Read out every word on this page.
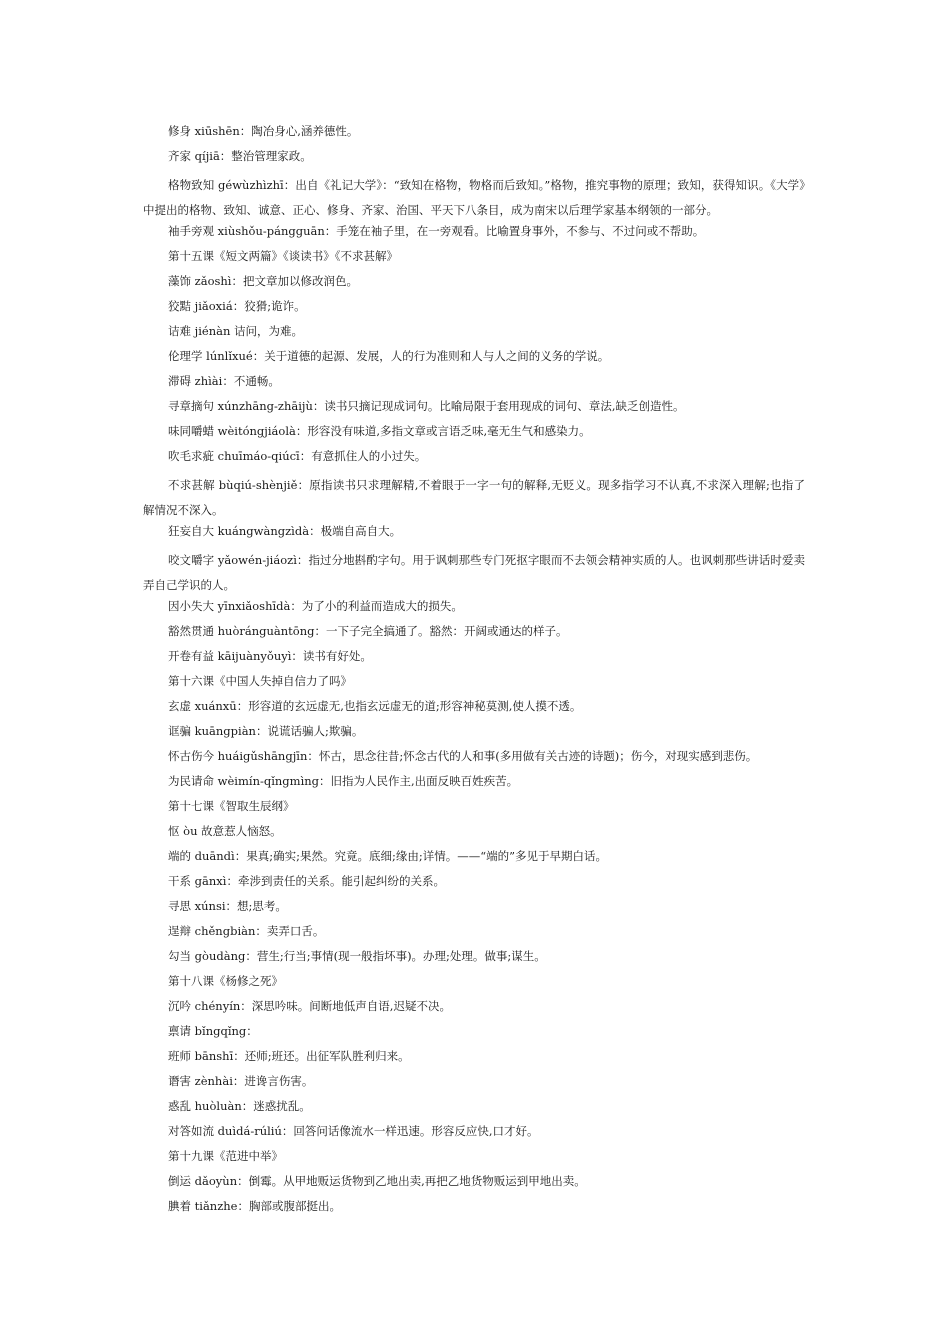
修身 xiūshēn：陶冶身心,涵养德性。

齐家 qíjiā：整治管理家政。

格物致知 géwùzhìzhī：出自《礼记大学》：“致知在格物，物格而后致知。”格物，推究事物的原理；致知，获得知识。《大学》中提出的格物、致知、诚意、正心、修身、齐家、治国、平天下八条目，成为南宋以后理学家基本纲领的一部分。

袖手旁观 xiùshǒu-pángguān：手笼在袖子里，在一旁观看。比喻置身事外，不参与、不过问或不帮助。

第十五课《短文两篇》《谈读书》《不求甚解》

藻饰 zǎoshì：把文章加以修改润色。

狡黠 jiǎoxiá：狡猾;诡诈。

诘难 jiénàn 诘问，为难。

伦理学 lúnlǐxué：关于道德的起源、发展，人的行为准则和人与人之间的义务的学说。

滞碍 zhìài：不通畅。

寻章摘句 xúnzhāng-zhāijù：读书只摘记现成词句。比喻局限于套用现成的词句、章法,缺乏创造性。

味同嚼蜡 wèitóngjiáolà：形容没有味道,多指文章或言语乏味,毫无生气和感染力。

吹毛求疵 chuīmáo-qiúcī：有意抓住人的小过失。

不求甚解 bùqiú-shènjiě：原指读书只求理解精,不着眼于一字一句的解释,无贬义。现多指学习不认真,不求深入理解;也指了解情况不深入。

狂妄自大 kuángwàngzìdà：极端自高自大。

咬文嚼字 yǎowén-jiáozì：指过分地斟酌字句。用于讽刺那些专门死抠字眼而不去领会精神实质的人。也讽刺那些讲话时爱卖弄自己学识的人。

因小失大 yīnxiǎoshīdà：为了小的利益而造成大的损失。

豁然贯通 huòránguàntōng：一下子完全搞通了。豁然：开阔或通达的样子。

开卷有益 kāijuànyǒuyì：读书有好处。

第十六课《中国人失掉自信力了吗》

玄虚 xuánxū：形容道的玄远虚无,也指玄远虚无的道;形容神秘莫测,使人摸不透。

诓骗 kuāngpiàn：说谎话骗人;欺骗。

怀古伤今 huáigǔshāngjīn：怀古，思念往昔;怀念古代的人和事(多用做有关古迹的诗题)；伤今，对现实感到悲伤。

为民请命 wèimín-qǐngmìng：旧指为人民作主,出面反映百姓疾苦。

第十七课《智取生辰纲》

怄 òu 故意惹人恼怒。

端的 duāndì：果真;确实;果然。究竟。底细;缘由;详情。——“端的”多见于早期白话。

干系 gānxì：牵涉到责任的关系。能引起纠纷的关系。

寻思 xúnsi：想;思考。

逞辩 chěngbiàn：卖弄口舌。

勾当 gòudàng：营生;行当;事情(现一般指坏事)。办理;处理。做事;谋生。

第十八课《杨修之死》

沉吟 chényín：深思吟味。间断地低声自语,迟疑不决。

禀请 bǐngqǐng：

班师 bānshī：还师;班还。出征军队胜利归来。

谮害 zènhài：进谗言伤害。

惑乱 huòluàn：迷惑扰乱。

对答如流 duìdá-rúliú：回答问话像流水一样迅速。形容反应快,口才好。

第十九课《范进中举》

倒运 dǎoyùn：倒霉。从甲地贩运货物到乙地出卖,再把乙地货物贩运到甲地出卖。

腆着 tiǎnzhe：胸部或腹部挺出。
